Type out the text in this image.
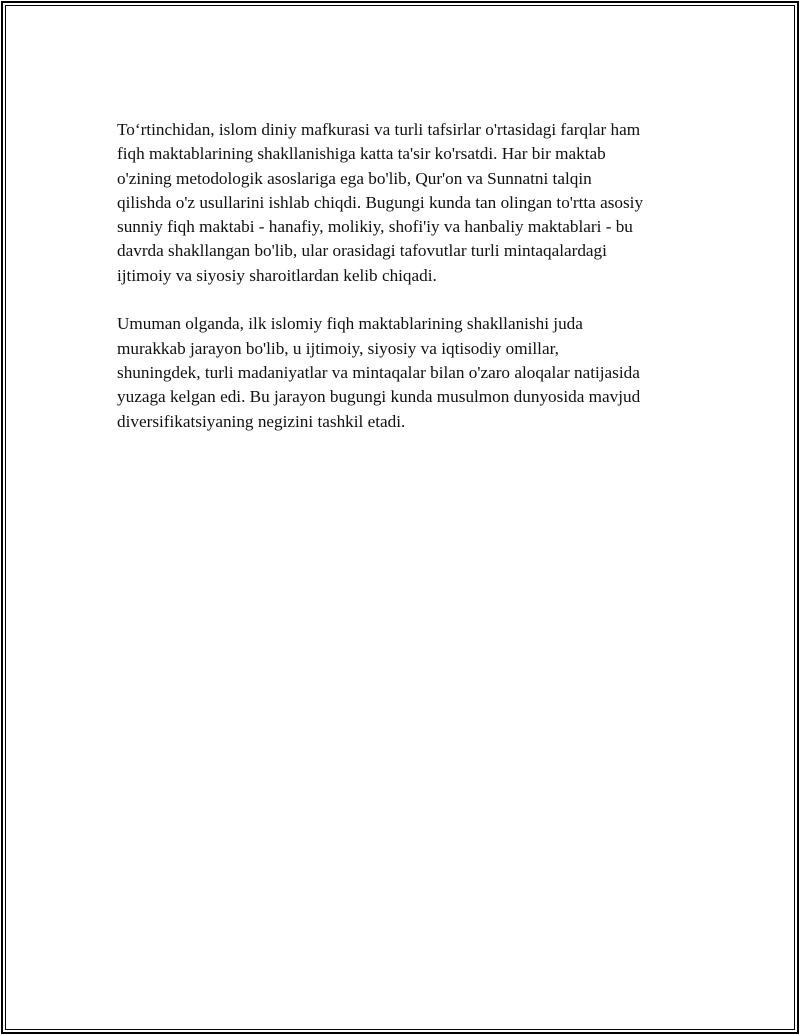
To‘rtinchidan, islom diniy mafkurasi va turli tafsirlar o'rtasidagi farqlar ham
fiqh maktablarining shakllanishiga katta ta'sir ko'rsatdi. Har bir maktab
o'zining metodologik asoslariga ega bo'lib, Qur'on va Sunnatni talqin
qilishda o'z usullarini ishlab chiqdi. Bugungi kunda tan olingan to'rtta asosiy
sunniy fiqh maktabi - hanafiy, molikiy, shofi'iy va hanbaliy maktablari - bu
davrda shakllangan bo'lib, ular orasidagi tafovutlar turli mintaqalardagi
ijtimoiy va siyosiy sharoitlardan kelib chiqadi.

Umuman olganda, ilk islomiy fiqh maktablarining shakllanishi juda
murakkab jarayon bo'lib, u ijtimoiy, siyosiy va iqtisodiy omillar,
shuningdek, turli madaniyatlar va mintaqalar bilan o'zaro aloqalar natijasida
yuzaga kelgan edi. Bu jarayon bugungi kunda musulmon dunyosida mavjud
diversifikatsiyaning negizini tashkil etadi.
